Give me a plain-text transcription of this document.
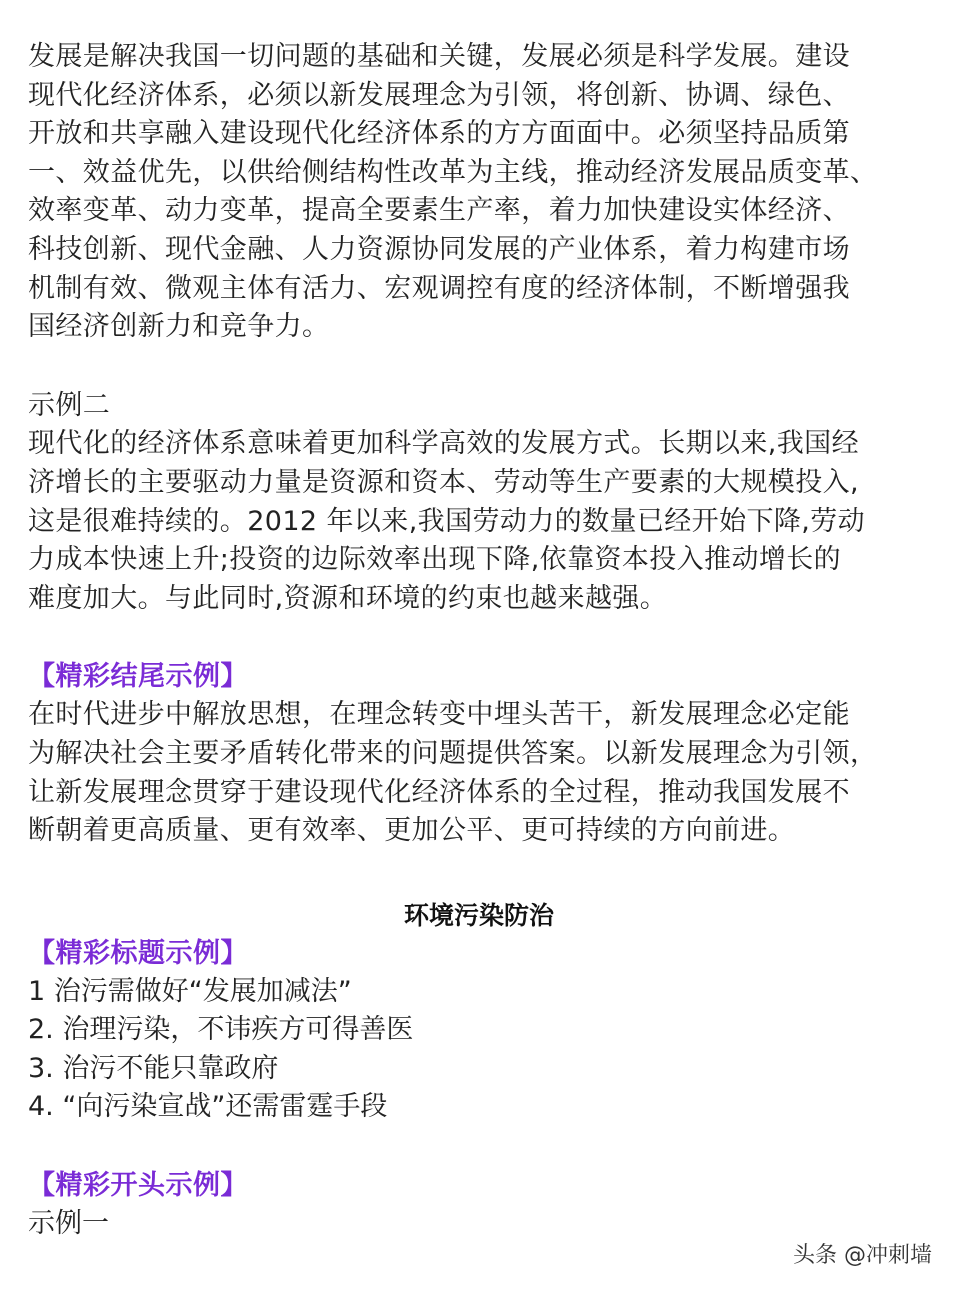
发展是解决我国一切问题的基础和关键，发展必须是科学发展。建设
现代化经济体系，必须以新发展理念为引领，将创新、协调、绿色、
开放和共享融入建设现代化经济体系的方方面面中。必须坚持品质第
一、效益优先，以供给侧结构性改革为主线，推动经济发展品质变革、
效率变革、动力变革，提高全要素生产率，着力加快建设实体经济、
科技创新、现代金融、人力资源协同发展的产业体系，着力构建市场
机制有效、微观主体有活力、宏观调控有度的经济体制，不断增强我
国经济创新力和竞争力。
示例二
现代化的经济体系意味着更加科学高效的发展方式。长期以来,我国经
济增长的主要驱动力量是资源和资本、劳动等生产要素的大规模投入,
这是很难持续的。2012 年以来,我国劳动力的数量已经开始下降,劳动
力成本快速上升;投资的边际效率出现下降,依靠资本投入推动增长的
难度加大。与此同时,资源和环境的约束也越来越强。

【精彩结尾示例】

在时代进步中解放思想，在理念转变中埋头苦干，新发展理念必定能
为解决社会主要矛盾转化带来的问题提供答案。以新发展理念为引领，
让新发展理念贯穿于建设现代化经济体系的全过程，推动我国发展不
断朝着更高质量、更有效率、更加公平、更可持续的方向前进。

环境污染防治

【精彩标题示例】

1 治污需做好“发展加减法”

2. 治理污染，不讳疾方可得善医

3. 治污不能只靠政府

4. “向污染宣战”还需雷霆手段

【精彩开头示例】

示例一

头条 @冲刺墙
